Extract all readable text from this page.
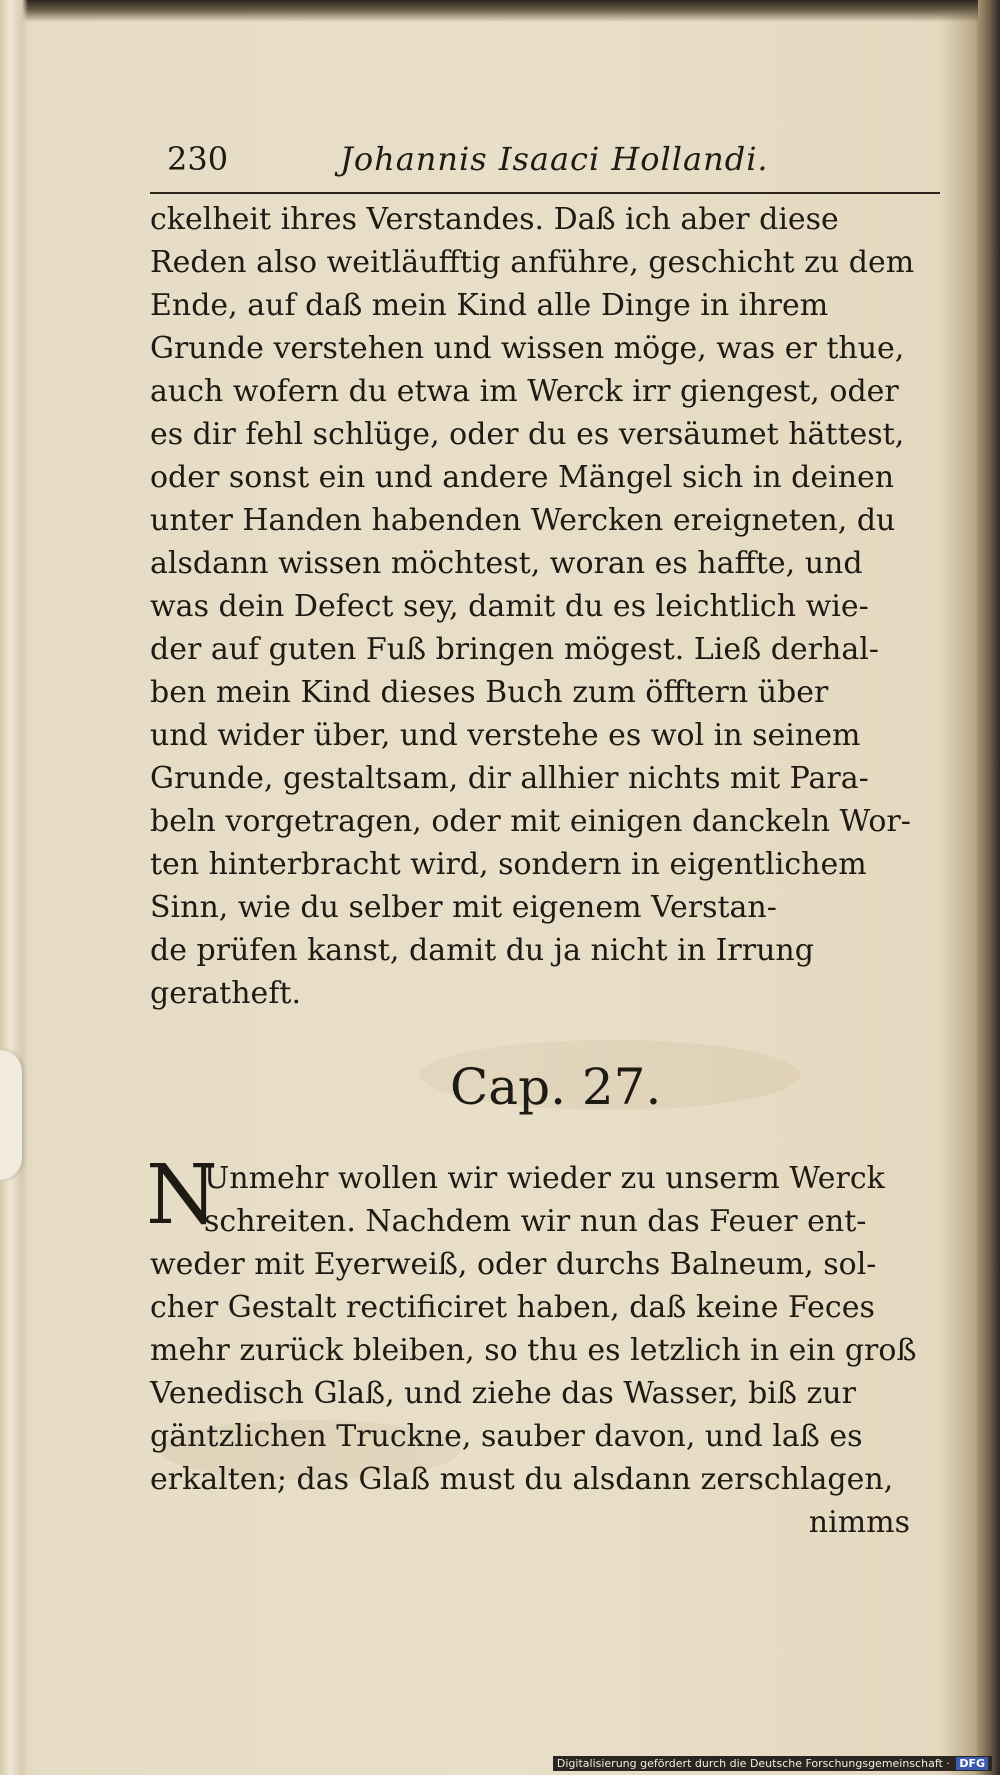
230	Johannis Isaaci Hollandi.
ckelheit ihres Verstandes. Daß ich aber diese
Reden also weitläufftig anführe, geschicht zu dem
Ende, auf daß mein Kind alle Dinge in ihrem
Grunde verstehen und wissen möge, was er thue,
auch wofern du etwa im Werck irr giengest, oder
es dir fehl schlüge, oder du es versäumet hättest,
oder sonst ein und andere Mängel sich in deinen
unter Handen habenden Wercken ereigneten, du
alsdann wissen möchtest, woran es haffte, und
was dein Defect sey, damit du es leichtlich wie-
der auf guten Fuß bringen mögest. Ließ derhal-
ben mein Kind dieses Buch zum öfftern über
und wider über, und verstehe es wol in seinem
Grunde, gestaltsam, dir allhier nichts mit Para-
beln vorgetragen, oder mit einigen danckeln Wor-
ten hinterbracht wird, sondern in eigentlichem
Sinn, wie du selber mit eigenem Verstan-
de prüfen kanst, damit du ja nicht in Irrung
geratheft.
Cap. 27.
N
Unmehr wollen wir wieder zu unserm Werck
schreiten. Nachdem wir nun das Feuer ent-
weder mit Eyerweiß, oder durchs Balneum, sol-
cher Gestalt rectificiret haben, daß keine Feces
mehr zurück bleiben, so thu es letzlich in ein groß
Venedisch Glaß, und ziehe das Wasser, biß zur
gäntzlichen Truckne, sauber davon, und laß es
erkalten; das Glaß must du alsdann zerschlagen,
nimms
Digitalisierung gefördert durch die Deutsche Forschungsgemeinschaft · DFG
